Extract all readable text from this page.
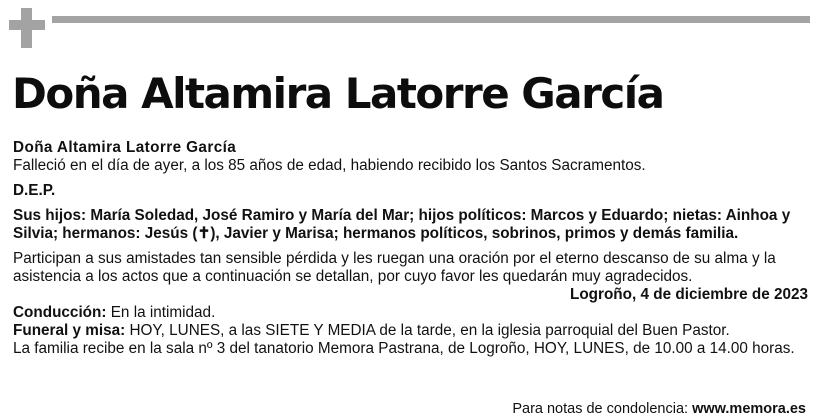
Doña Altamira Latorre García

Doña Altamira Latorre García

Falleció en el día de ayer, a los 85 años de edad, habiendo recibido los Santos Sacramentos.

D.E.P.

Sus hijos: María Soledad, José Ramiro y María del Mar; hijos políticos: Marcos y Eduardo; nietas: Ainhoa y Silvia; hermanos: Jesús (✝), Javier y Marisa; hermanos políticos, sobrinos, primos y demás familia.

Participan a sus amistades tan sensible pérdida y les ruegan una oración por el eterno descanso de su alma y la asistencia a los actos que a continuación se detallan, por cuyo favor les quedarán muy agradecidos.

Logroño, 4 de diciembre de 2023

Conducción: En la intimidad.

Funeral y misa: HOY, LUNES, a las SIETE Y MEDIA de la tarde, en la iglesia parroquial del Buen Pastor.

La familia recibe en la sala nº 3 del tanatorio Memora Pastrana, de Logroño, HOY, LUNES, de 10.00 a 14.00 horas.

Para notas de condolencia: www.memora.es
